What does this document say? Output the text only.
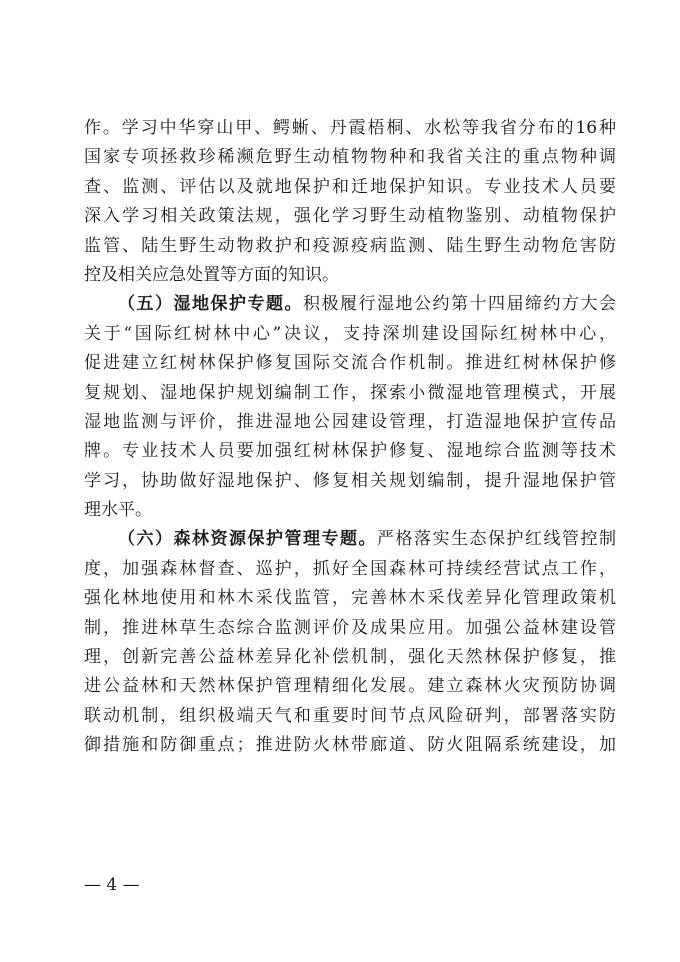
作。学习中华穿山甲、鳄蜥、丹霞梧桐、水松等我省分布的16种
国家专项拯救珍稀濒危野生动植物物种和我省关注的重点物种调
查、监测、评估以及就地保护和迁地保护知识。专业技术人员要
深入学习相关政策法规，强化学习野生动植物鉴别、动植物保护
监管、陆生野生动物救护和疫源疫病监测、陆生野生动物危害防
控及相关应急处置等方面的知识。
（五）湿地保护专题。积极履行湿地公约第十四届缔约方大会
关于“国际红树林中心”决议，支持深圳建设国际红树林中心，
促进建立红树林保护修复国际交流合作机制。推进红树林保护修
复规划、湿地保护规划编制工作，探索小微湿地管理模式，开展
湿地监测与评价，推进湿地公园建设管理，打造湿地保护宣传品
牌。专业技术人员要加强红树林保护修复、湿地综合监测等技术
学习，协助做好湿地保护、修复相关规划编制，提升湿地保护管
理水平。
（六）森林资源保护管理专题。严格落实生态保护红线管控制
度，加强森林督查、巡护，抓好全国森林可持续经营试点工作，
强化林地使用和林木采伐监管，完善林木采伐差异化管理政策机
制，推进林草生态综合监测评价及成果应用。加强公益林建设管
理，创新完善公益林差异化补偿机制，强化天然林保护修复，推
进公益林和天然林保护管理精细化发展。建立森林火灾预防协调
联动机制，组织极端天气和重要时间节点风险研判，部署落实防
御措施和防御重点；推进防火林带廊道、防火阻隔系统建设，加
— 4 —
